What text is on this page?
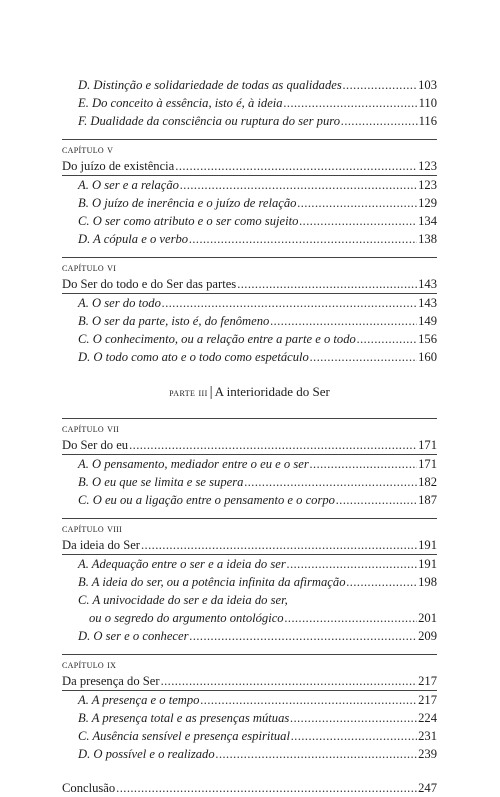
D. Distinção e solidariedade de todas as qualidades .....	103
E. Do conceito à essência, isto é, à ideia .....	110
F. Dualidade da consciência ou ruptura do ser puro .....	116
capítulo v
Do juízo de existência .....	123
A. O ser e a relação .....	123
B. O juízo de inerência e o juízo de relação .....	129
C. O ser como atributo e o ser como sujeito .....	134
D. A cópula e o verbo .....	138
capítulo vi
Do Ser do todo e do Ser das partes .....	143
A. O ser do todo .....	143
B. O ser da parte, isto é, do fenômeno .....	149
C. O conhecimento, ou a relação entre a parte e o todo .....	156
D. O todo como ato e o todo como espetáculo .....	160
parte iii | A interioridade do Ser
capítulo vii
Do Ser do eu .....	171
A. O pensamento, mediador entre o eu e o ser .....	171
B. O eu que se limita e se supera .....	182
C. O eu ou a ligação entre o pensamento e o corpo .....	187
capítulo viii
Da ideia do Ser .....	191
A. Adequação entre o ser e a ideia do ser .....	191
B. A ideia do ser, ou a potência infinita da afirmação .....	198
C. A univocidade do ser e da ideia do ser,
ou o segredo do argumento ontológico .....	201
D. O ser e o conhecer .....	209
capítulo ix
Da presença do Ser .....	217
A. A presença e o tempo .....	217
B. A presença total e as presenças mútuas .....	224
C. Ausência sensível e presença espiritual .....	231
D. O possível e o realizado .....	239
Conclusão .....	247
